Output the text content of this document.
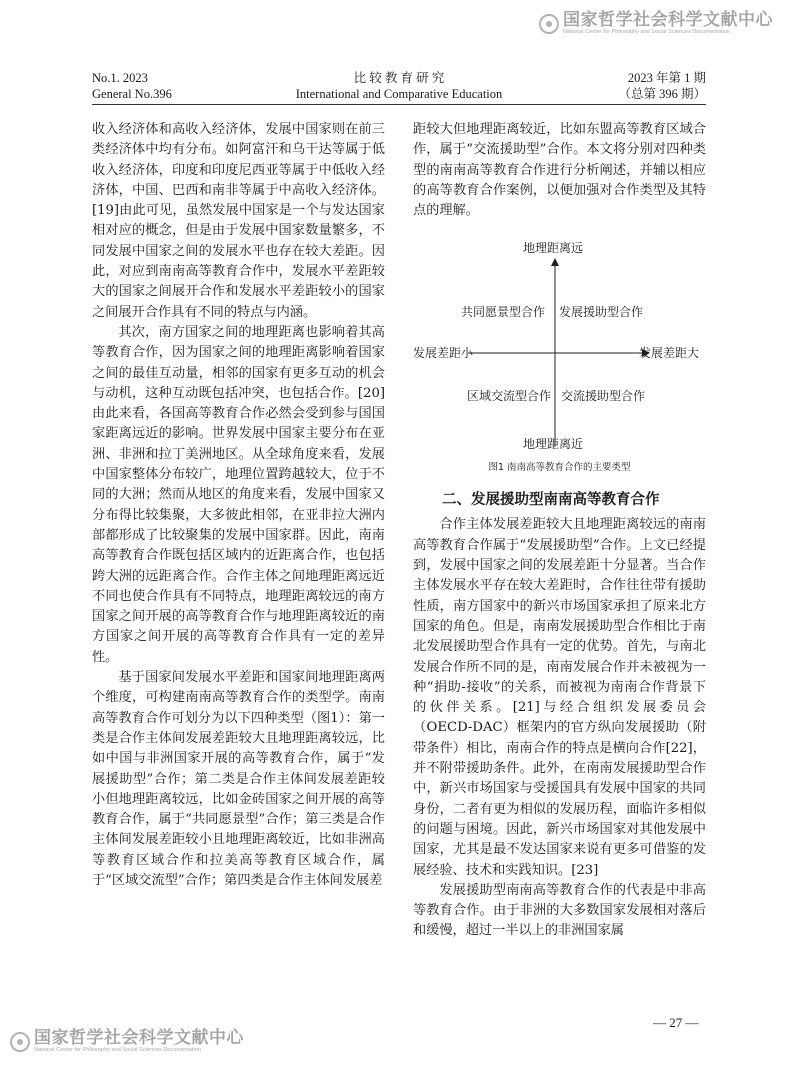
国家哲学社会科学文献中心
National Center for Philosophy and Social Sciences Documentation
No.1. 2023
General No.396
比 较 教 育 研 究
International and Comparative Education
2023 年第 1 期
（总第 396 期）

收入经济体和高收入经济体，发展中国家则在前三类经济体中均有分布。如阿富汗和乌干达等属于低收入经济体，印度和印度尼西亚等属于中低收入经济体，中国、巴西和南非等属于中高收入经济体。[19]由此可见，虽然发展中国家是一个与发达国家相对应的概念，但是由于发展中国家数量繁多，不同发展中国家之间的发展水平也存在较大差距。因此，对应到南南高等教育合作中，发展水平差距较大的国家之间展开合作和发展水平差距较小的国家之间展开合作具有不同的特点与内涵。

其次，南方国家之间的地理距离也影响着其高等教育合作，因为国家之间的地理距离影响着国家之间的最佳互动量，相邻的国家有更多互动的机会与动机，这种互动既包括冲突，也包括合作。[20]由此来看，各国高等教育合作必然会受到参与国国家距离远近的影响。世界发展中国家主要分布在亚洲、非洲和拉丁美洲地区。从全球角度来看，发展中国家整体分布较广，地理位置跨越较大，位于不同的大洲；然而从地区的角度来看，发展中国家又分布得比较集聚，大多彼此相邻，在亚非拉大洲内部都形成了比较聚集的发展中国家群。因此，南南高等教育合作既包括区域内的近距离合作，也包括跨大洲的远距离合作。合作主体之间地理距离远近不同也使合作具有不同特点，地理距离较远的南方国家之间开展的高等教育合作与地理距离较近的南方国家之间开展的高等教育合作具有一定的差异性。

基于国家间发展水平差距和国家间地理距离两个维度，可构建南南高等教育合作的类型学。南南高等教育合作可划分为以下四种类型（图1）：第一类是合作主体间发展差距较大且地理距离较远，比如中国与非洲国家开展的高等教育合作，属于“发展援助型”合作；第二类是合作主体间发展差距较小但地理距离较远，比如金砖国家之间开展的高等教育合作，属于“共同愿景型”合作；第三类是合作主体间发展差距较小且地理距离较近，比如非洲高等教育区域合作和拉美高等教育区域合作，属于“区域交流型”合作；第四类是合作主体间发展差

距较大但地理距离较近，比如东盟高等教育区域合作，属于“交流援助型”合作。本文将分别对四种类型的南南高等教育合作进行分析阐述，并辅以相应的高等教育合作案例，以便加强对合作类型及其特点的理解。

地理距离远
地理距离近
发展差距小	发展差距大
共同愿景型合作 发展援助型合作
区域交流型合作 交流援助型合作
图1 南南高等教育合作的主要类型
二、发展援助型南南高等教育合作

合作主体发展差距较大且地理距离较远的南南高等教育合作属于“发展援助型”合作。上文已经提到，发展中国家之间的发展差距十分显著。当合作主体发展水平存在较大差距时，合作往往带有援助性质，南方国家中的新兴市场国家承担了原来北方国家的角色。但是，南南发展援助型合作相比于南北发展援助型合作具有一定的优势。首先，与南北发展合作所不同的是，南南发展合作并未被视为一种“捐助-接收”的关系，而被视为南南合作背景下的伙伴关系。[21]与经合组织发展委员会（OECD-DAC）框架内的官方纵向发展援助（附带条件）相比，南南合作的特点是横向合作[22]，并不附带援助条件。此外，在南南发展援助型合作中，新兴市场国家与受援国具有发展中国家的共同身份，二者有更为相似的发展历程，面临许多相似的问题与困境。因此，新兴市场国家对其他发展中国家，尤其是最不发达国家来说有更多可借鉴的发展经验、技术和实践知识。[23]

发展援助型南南高等教育合作的代表是中非高等教育合作。由于非洲的大多数国家发展相对落后和缓慢，超过一半以上的非洲国家属

— 27 —
国家哲学社会科学文献中心
National Center for Philosophy and Social Sciences Documentation
